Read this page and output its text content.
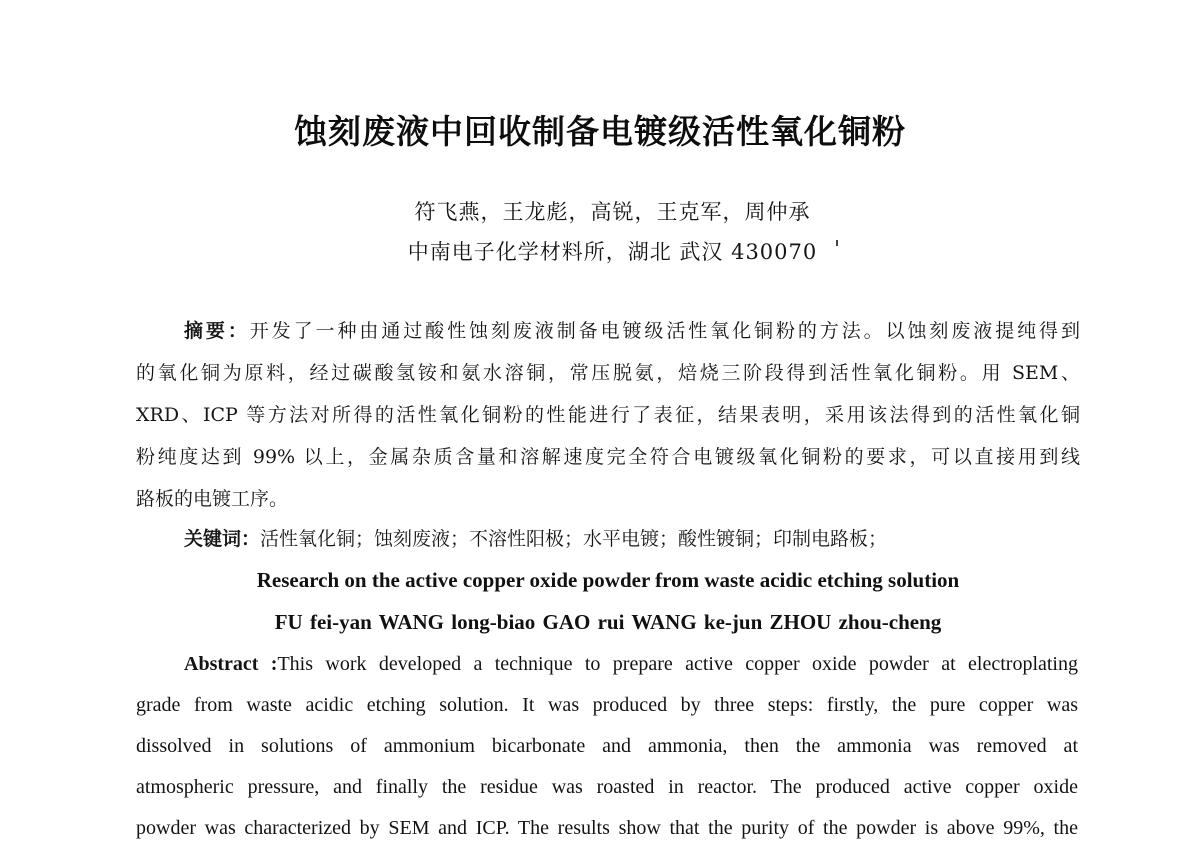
蚀刻废液中回收制备电镀级活性氧化铜粉
符飞燕，王龙彪，高锐，王克军，周仲承
中南电子化学材料所，湖北 武汉 430070
摘要：开发了一种由通过酸性蚀刻废液制备电镀级活性氧化铜粉的方法。以蚀刻废液提纯得到
的氧化铜为原料，经过碳酸氢铵和氨水溶铜，常压脱氨，焙烧三阶段得到活性氧化铜粉。用 SEM、
XRD、ICP 等方法对所得的活性氧化铜粉的性能进行了表征，结果表明，采用该法得到的活性氧化铜
粉纯度达到 99% 以上，金属杂质含量和溶解速度完全符合电镀级氧化铜粉的要求，可以直接用到线
路板的电镀工序。
关键词：活性氧化铜；蚀刻废液；不溶性阳极；水平电镀；酸性镀铜；印制电路板；
Research on the active copper oxide powder from waste acidic etching solution
FU fei-yan WANG long-biao GAO rui WANG ke-jun ZHOU zhou-cheng
Abstract :This work developed a technique to prepare active copper oxide powder at electroplating
grade from waste acidic etching solution. It was produced by three steps: firstly, the pure copper was
dissolved in solutions of ammonium bicarbonate and ammonia, then the ammonia was removed at
atmospheric pressure, and finally the residue was roasted in reactor. The produced active copper oxide
powder was characterized by SEM and ICP. The results show that the purity of the powder is above 99%, the
